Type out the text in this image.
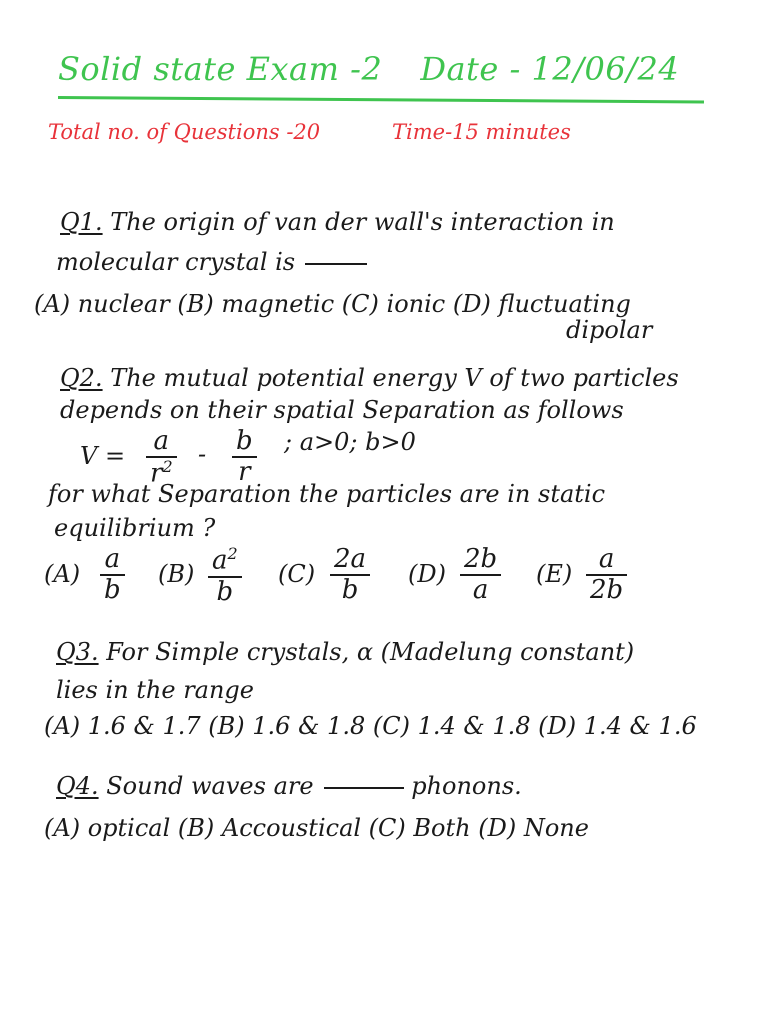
Solid state Exam -2 Date - 12/06/24
Total no. of Questions -20	Time-15 minutes
Q1. The origin of van der wall's interaction in
molecular crystal is
(A) nuclear (B) magnetic (C) ionic (D) fluctuating
dipolar
Q2. The mutual potential energy V of two particles
depends on their spatial Separation as follows
V = a
$r^2$ - b
r
; a>0; b>0
for what Separation the particles are in static
equilibrium ?
(A) a
b
(B) $a^2$
b
(C) 2a
b
(D) 2b
a
(E) a
2b
Q3. For Simple crystals, α (Madelung constant)
lies in the range
(A) 1.6 & 1.7 (B) 1.6 & 1.8 (C) 1.4 & 1.8 (D) 1.4 & 1.6
Q4. Sound waves are	phonons.
(A) optical (B) Accoustical (C) Both (D) None
